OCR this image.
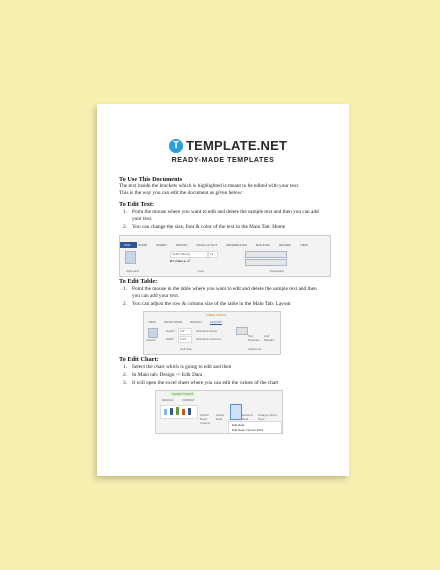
T TEMPLATE.NET
READY-MADE TEMPLATES
To Use This Documents
The text inside the brackets which is highlighted is meant to be edited with your text.
This is the way you can edit the document as given below:
To Edit Text:
1. Point the mouse where you want to edit and delete the sample text and then you can add your text.
2. You can change the size, font & color of the text in the Main Tab: Home
FILE	HOME	INSERT	DESIGN	PAGE LAYOUT	REFERENCES	MAILINGS	REVIEW	VIEW
Calibri (Body)	11
B I U abc x₂ x²
Clipboard	Font	Paragraph
To Edit Table:
1. Point the mouse in the table where you want to edit and delete the sample text and then you can add your text.
2. You can adjust the row & column size of the table in the Main Tab: Layout
TABLE TOOLS
VIEW	DEVELOPER	DESIGN	LAYOUT
AutoFit
Height 0.8"
Width 0.26"
Distribute Rows
Distribute Columns
Cell Size
Text Direction
Cell Margins
Alignment
To Edit Chart:
1. Select the chart which is going to edit and then
2. In Main tab: Design -> Edit Data
3. It will open the excel sheet where you can edit the values of the chart
CHART TOOLS
DESIGN	FORMAT
Switch Row/ Column
Select Data
Refresh Data
Change Chart Type
Edit Data
Edit Data in Excel 2013
